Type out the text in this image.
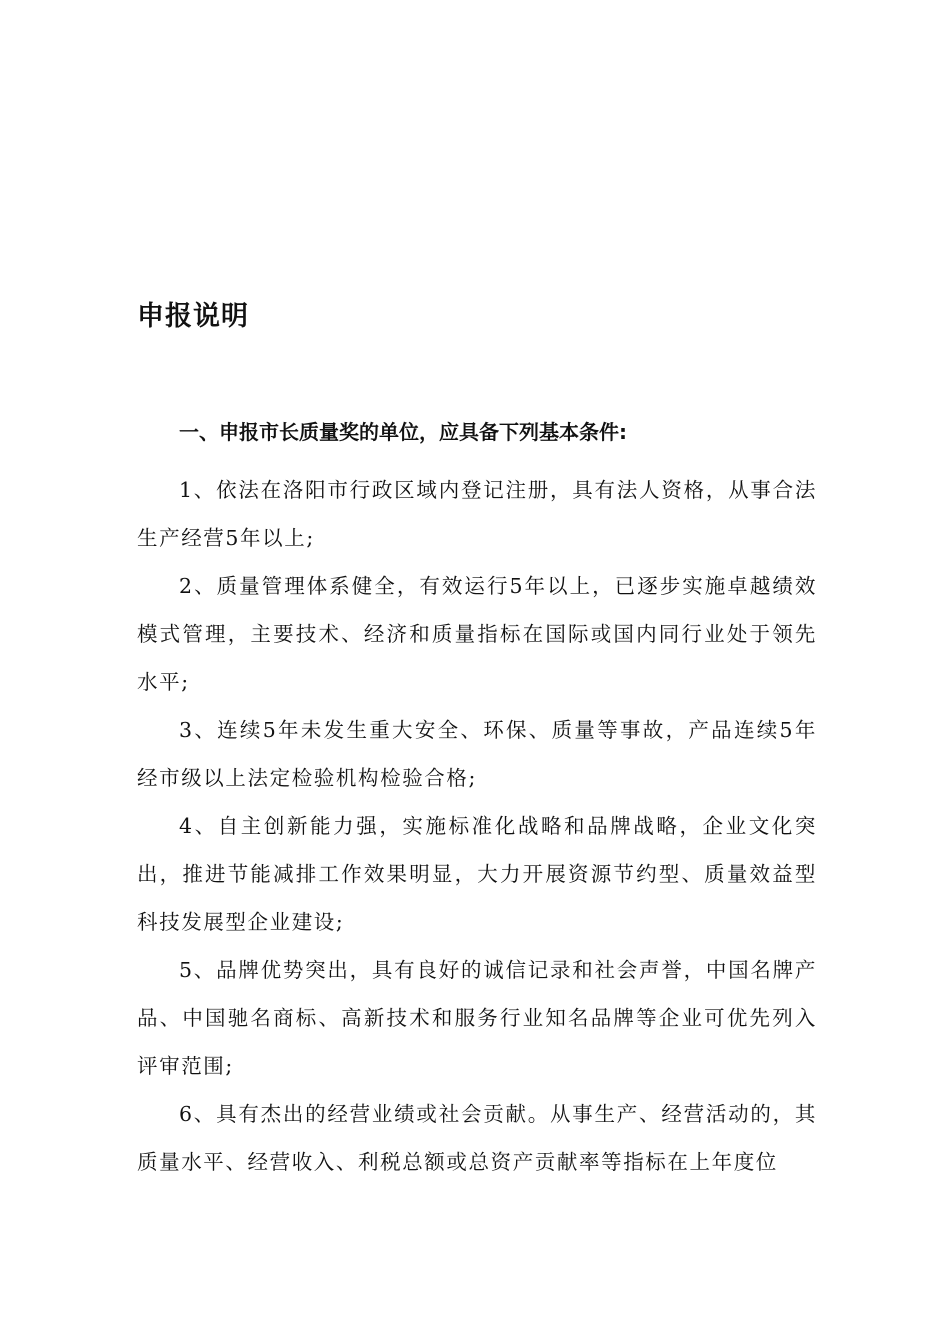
申报说明

一、申报市长质量奖的单位，应具备下列基本条件:

1、依法在洛阳市行政区域内登记注册，具有法人资格，从事合法生产经营5年以上;

2、质量管理体系健全，有效运行5年以上，已逐步实施卓越绩效模式管理，主要技术、经济和质量指标在国际或国内同行业处于领先水平;

3、连续5年未发生重大安全、环保、质量等事故，产品连续5年经市级以上法定检验机构检验合格;

4、自主创新能力强，实施标准化战略和品牌战略，企业文化突出，推进节能减排工作效果明显，大力开展资源节约型、质量效益型科技发展型企业建设;

5、品牌优势突出，具有良好的诚信记录和社会声誉，中国名牌产品、中国驰名商标、高新技术和服务行业知名品牌等企业可优先列入评审范围;

6、具有杰出的经营业绩或社会贡献。从事生产、经营活动的，其质量水平、经营收入、利税总额或总资产贡献率等指标在上年度位
